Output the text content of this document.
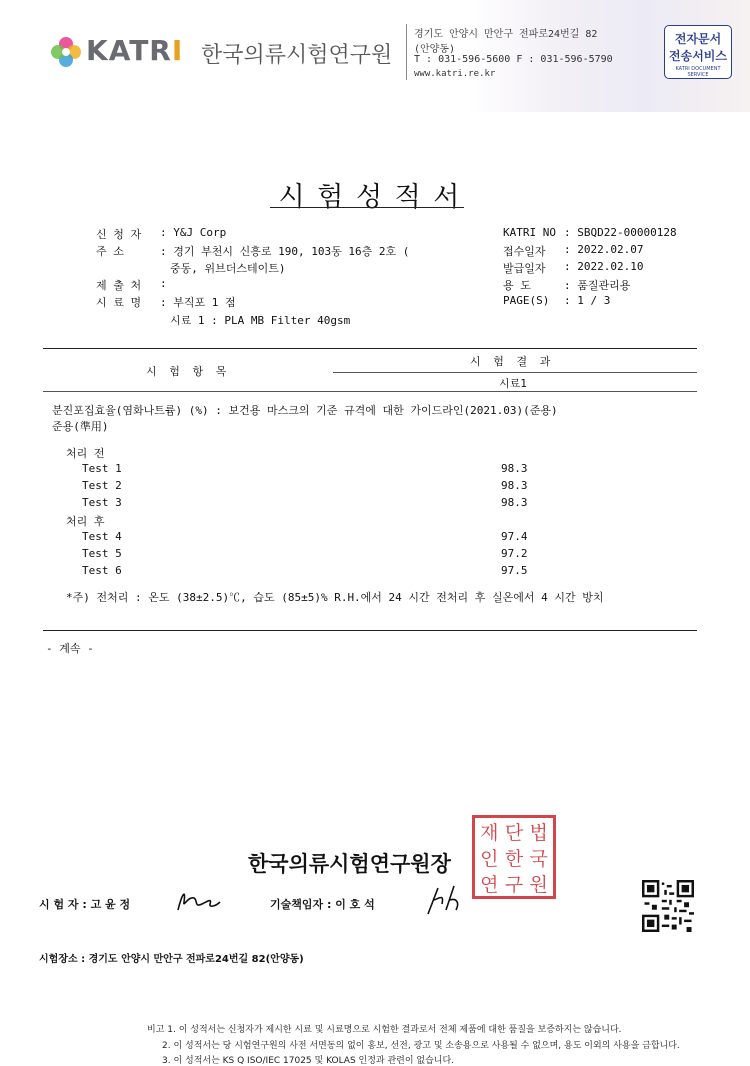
KATRI 한국의류시험연구원
경기도 안양시 만안구 전파로24번길 82
(안양동)
T : 031-596-5600 F : 031-596-5790
www.katri.re.kr
전자문서
전송서비스
KATRI DOCUMENT SERVICE
시 험 성 적 서
신 청 자 : Y&J Corp
주 소	: 경기 부천시 신흥로 190, 103동 16층 2호 (
중동, 위브더스테이트)
제 출 처 :
시 료 명 : 부직포 1 점
시료 1 : PLA MB Filter 40gsm
KATRI NO : SBQD22-00000128
접수일자 : 2022.02.07
발급일자 : 2022.02.10
용 도	: 품질관리용
PAGE(S) : 1 / 3
시 험 항 목
시 험 결 과
시료1
분진포집효율(염화나트륨) (%) : 보건용 마스크의 기준 규격에 대한 가이드라인(2021.03)(준용)
준용(準用)
처리 전
Test 1	98.3
Test 2	98.3
Test 3	98.3
처리 후
Test 4	97.4
Test 5	97.2
Test 6	97.5
*주) 전처리 : 온도 (38±2.5)℃, 습도 (85±5)% R.H.에서 24 시간 전처리 후 실온에서 4 시간 방치
- 계속 -
한국의류시험연구원장
재 단 법
인 한 국
연 구 원
시 험 자 : 고 윤 정	기술책임자 : 이 호 석
시험장소 : 경기도 안양시 만안구 전파로24번길 82(안양동)
비고 1. 이 성적서는 신청자가 제시한 시료 및 시료명으로 시험한 결과로서 전체 제품에 대한 품질을 보증하지는 않습니다.
2. 이 성적서는 당 시험연구원의 사전 서면동의 없이 홍보, 선전, 광고 및 소송용으로 사용될 수 없으며, 용도 이외의 사용을 금합니다.
3. 이 성적서는 KS Q ISO/IEC 17025 및 KOLAS 인정과 관련이 없습니다.
